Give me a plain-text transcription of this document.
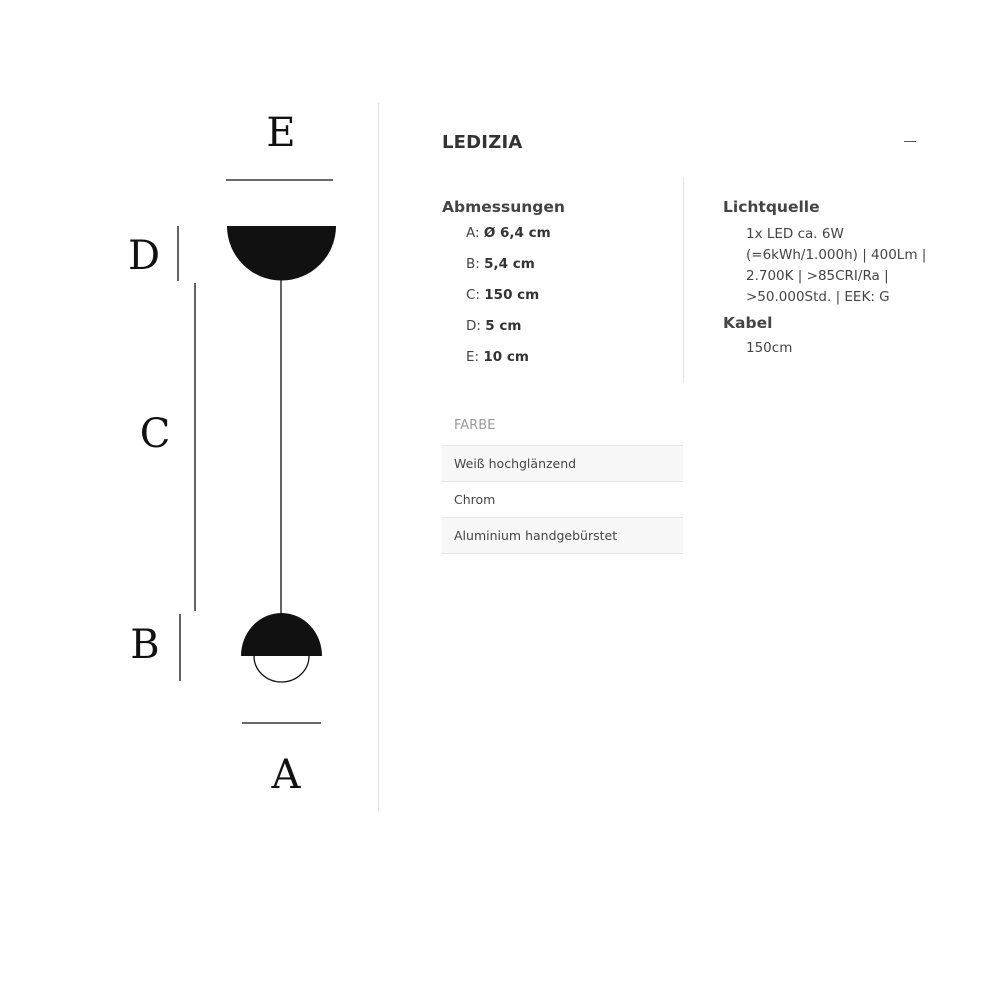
E
D
C
B
A
LEDIZIA
Abmessungen
A: Ø 6,4 cm
B: 5,4 cm
C: 150 cm
D: 5 cm
E: 10 cm
Lichtquelle
1x LED ca. 6W (=6kWh/1.000h) | 400Lm | 2.700K | >85CRI/Ra | >50.000Std. | EEK: G
Kabel
150cm
FARBE
Weiß hochglänzend
Chrom
Aluminium handgebürstet
